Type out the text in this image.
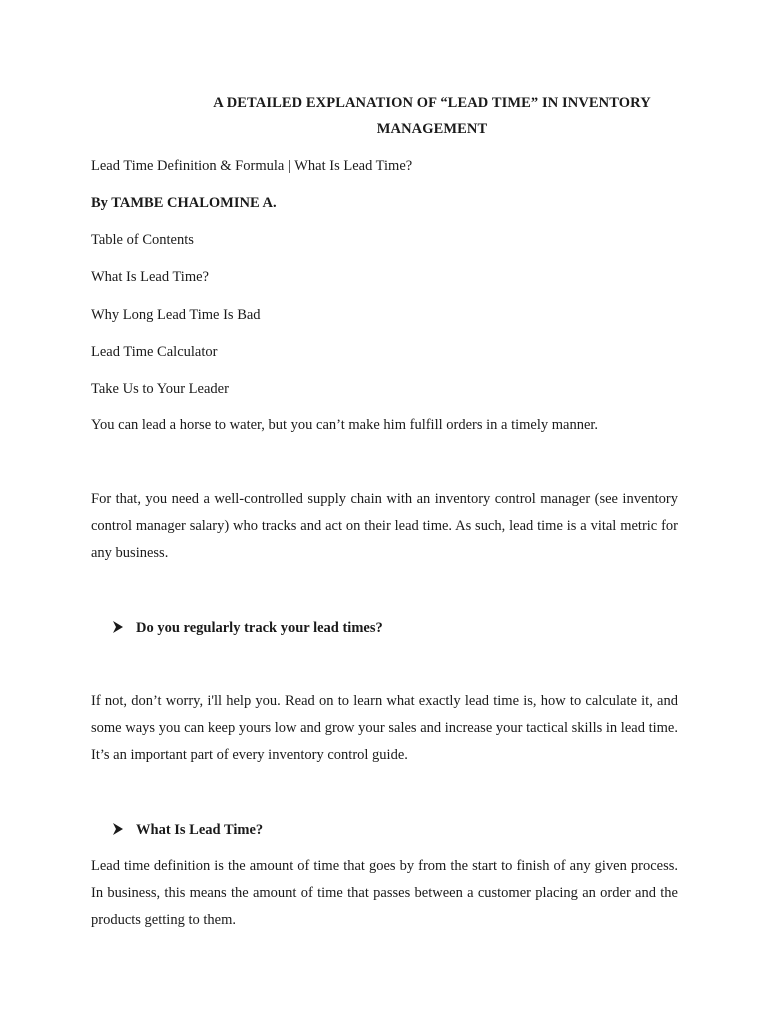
A DETAILED EXPLANATION OF “LEAD TIME” IN INVENTORY
MANAGEMENT
Lead Time Definition & Formula | What Is Lead Time?
By TAMBE CHALOMINE A.
Table of Contents
What Is Lead Time?
Why Long Lead Time Is Bad
Lead Time Calculator
Take Us to Your Leader
You can lead a horse to water, but you can’t make him fulfill orders in a timely manner.
For that, you need a well-controlled supply chain with an inventory control manager (see inventory control manager salary) who tracks and act on their lead time. As such, lead time is a vital metric for any business.
Do you regularly track your lead times?
If not, don’t worry, i'll help you. Read on to learn what exactly lead time is, how to calculate it, and some ways you can keep yours low and grow your sales and increase your tactical skills in lead time. It’s an important part of every inventory control guide.
What Is Lead Time?
Lead time definition is the amount of time that goes by from the start to finish of any given process. In business, this means the amount of time that passes between a customer placing an order and the products getting to them.
